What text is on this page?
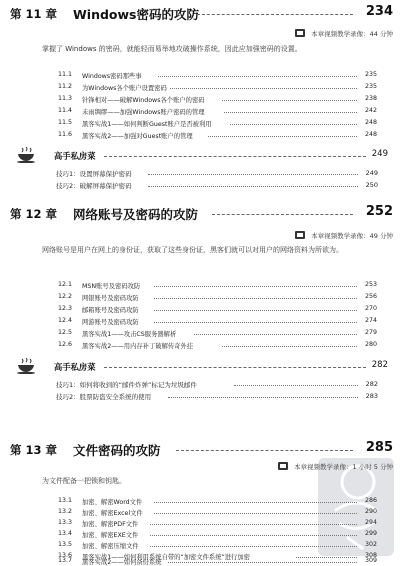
第 11 章 Windows密码的攻防	234
本章视频教学录像：44 分钟
掌握了 Windows 的密码，就能轻而易举地攻破操作系统，因此应加强密码的设置。
11.1	Windows密码那些事	235
11.2	为Windows各个账户设置密码	235
11.3	针锋相对——破解Windows各个账户的密码	238
11.4	未雨绸缪——加强Windows账户密码的管理	242
11.5	黑客实战1——如何判断Guest账户是否被利用	248
11.6	黑客实战2——加强对Guest账户的管理	248
高手私房菜	249
技巧1：设置屏幕保护密码	249
技巧2：破解屏幕保护密码	250
第 12 章 网络账号及密码的攻防	252
本章视频教学录像：49 分钟
网络账号是用户在网上的身份证，获取了这些身份证，黑客们就可以对用户的网络资料为所欲为。
12.1	MSN账号及密码攻防	253
12.2	网银账号及密码攻防	256
12.3	邮箱账号及密码攻防	270
12.4	网游账号及密码攻防	274
12.5	黑客实战1——攻击CS服务器解析	279
12.6	黑客实战2——用内存补丁破解传奇外挂	280
高手私房菜	282
技巧1：如何将收到的“邮件炸弹”标记为垃圾邮件	282
技巧2：股票防盗安全系统的使用	283
第 13 章 文件密码的攻防	285
本章视频教学录像：1 小时 5 分钟
为文件配备一把锁和钥匙。
13.1	加密、解密Word文件	286
13.2	加密、解密Excel文件	290
13.3	加密、解密PDF文件	294
13.4	加密、解密EXE文件	299
13.5	加密、解密压缩文件	302
13.6	黑客实战1——如何利用系统自带的“加密文件系统”进行加密	308
13.7	黑客实战2——如何备份系统	309
